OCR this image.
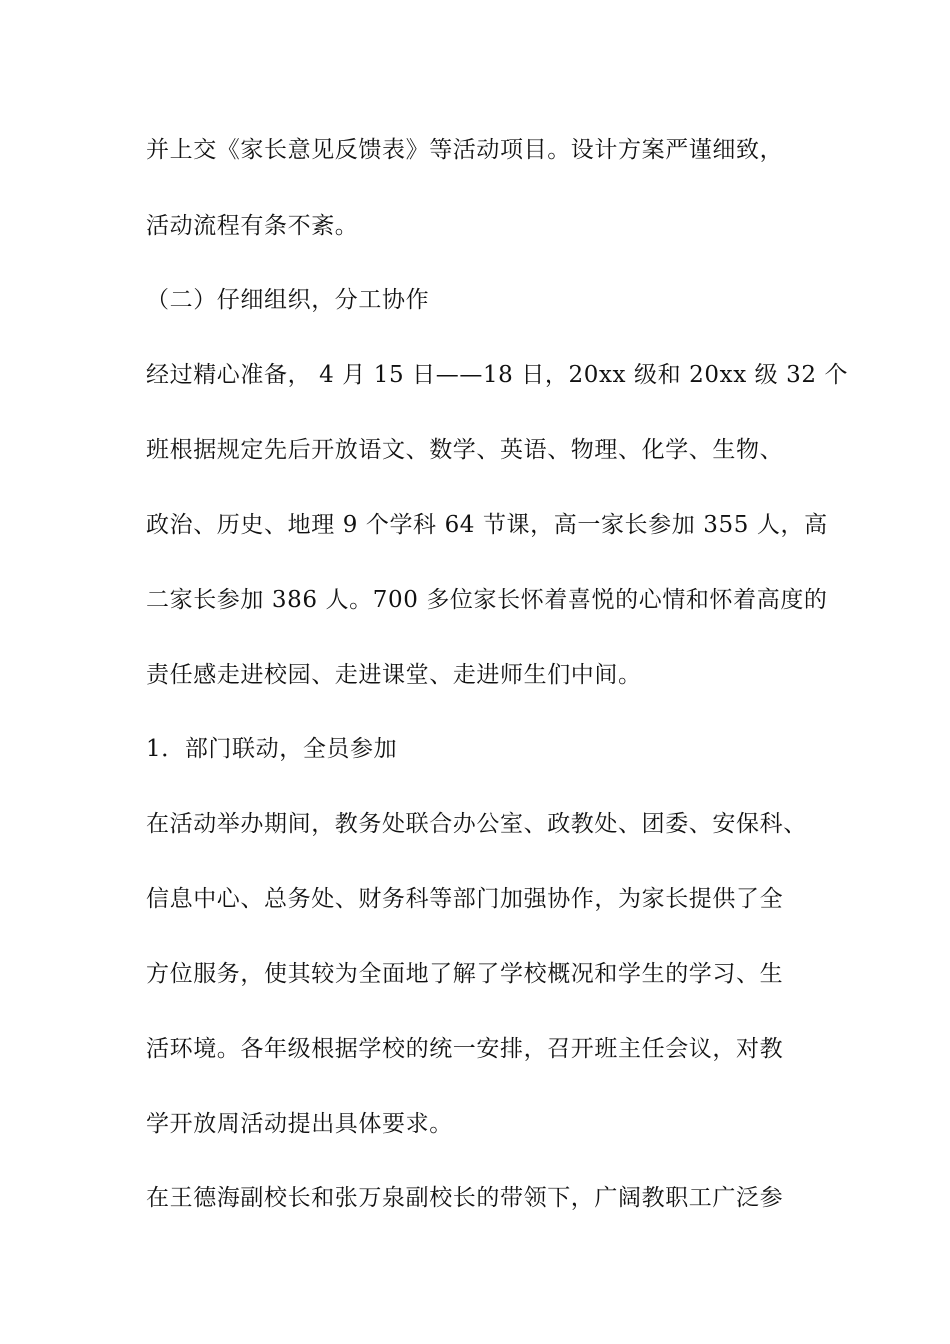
并上交《家长意见反馈表》等活动项目。设计方案严谨细致，

活动流程有条不紊。

（二）仔细组织，分工协作

经过精心准备， 4 月 15 日——18 日，20xx 级和 20xx 级 32 个

班根据规定先后开放语文、数学、英语、物理、化学、生物、

政治、历史、地理 9 个学科 64 节课，高一家长参加 355 人，高

二家长参加 386 人。700 多位家长怀着喜悦的心情和怀着高度的

责任感走进校园、走进课堂、走进师生们中间。

1．部门联动，全员参加

在活动举办期间，教务处联合办公室、政教处、团委、安保科、

信息中心、总务处、财务科等部门加强协作，为家长提供了全

方位服务，使其较为全面地了解了学校概况和学生的学习、生

活环境。各年级根据学校的统一安排，召开班主任会议，对教

学开放周活动提出具体要求。

在王德海副校长和张万泉副校长的带领下，广阔教职工广泛参
